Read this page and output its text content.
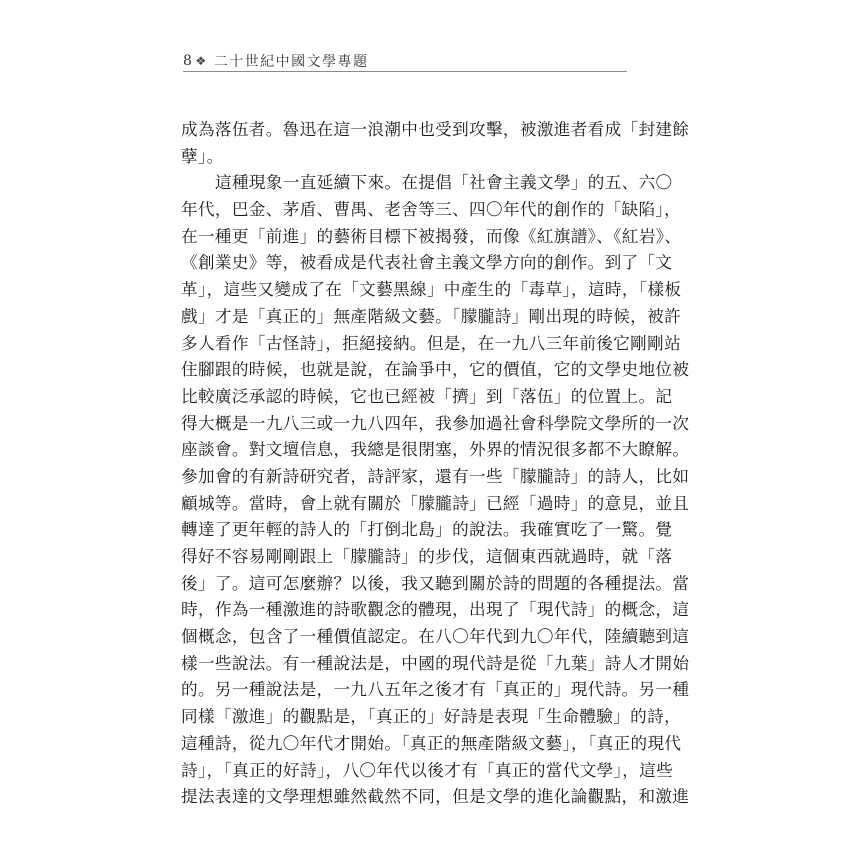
8 ❖ 二十世紀中國文學專題
成為落伍者。魯迅在這一浪潮中也受到攻擊，被激進者看成「封建餘
孽」。
這種現象一直延續下來。在提倡「社會主義文學」的五、六〇
年代，巴金、茅盾、曹禺、老舍等三、四〇年代的創作的「缺陷」，
在一種更「前進」的藝術目標下被揭發，而像《紅旗譜》、《紅岩》、
《創業史》等，被看成是代表社會主義文學方向的創作。到了「文
革」，這些又變成了在「文藝黑線」中產生的「毒草」，這時，「樣板
戲」才是「真正的」無產階級文藝。「朦朧詩」剛出現的時候，被許
多人看作「古怪詩」，拒絕接納。但是，在一九八三年前後它剛剛站
住腳跟的時候，也就是說，在論爭中，它的價值，它的文學史地位被
比較廣泛承認的時候，它也已經被「擠」到「落伍」的位置上。記
得大概是一九八三或一九八四年，我參加過社會科學院文學所的一次
座談會。對文壇信息，我總是很閉塞，外界的情況很多都不大瞭解。
參加會的有新詩研究者，詩評家，還有一些「朦朧詩」的詩人，比如
顧城等。當時，會上就有關於「朦朧詩」已經「過時」的意見，並且
轉達了更年輕的詩人的「打倒北島」的說法。我確實吃了一驚。覺
得好不容易剛剛跟上「朦朧詩」的步伐，這個東西就過時，就「落
後」了。這可怎麼辦？以後，我又聽到關於詩的問題的各種提法。當
時，作為一種激進的詩歌觀念的體現，出現了「現代詩」的概念，這
個概念，包含了一種價值認定。在八〇年代到九〇年代，陸續聽到這
樣一些說法。有一種說法是，中國的現代詩是從「九葉」詩人才開始
的。另一種說法是，一九八五年之後才有「真正的」現代詩。另一種
同樣「激進」的觀點是，「真正的」好詩是表現「生命體驗」的詩，
這種詩，從九〇年代才開始。「真正的無產階級文藝」，「真正的現代
詩」，「真正的好詩」，八〇年代以後才有「真正的當代文學」，這些
提法表達的文學理想雖然截然不同，但是文學的進化論觀點，和激進
